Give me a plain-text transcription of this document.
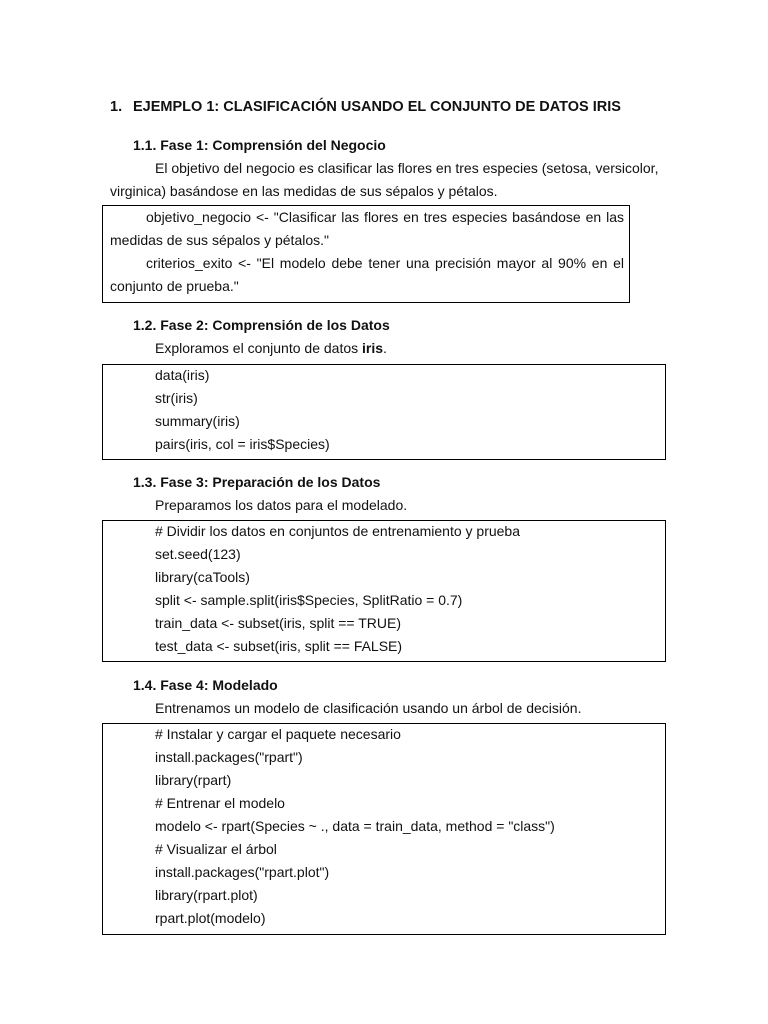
1. EJEMPLO 1: CLASIFICACIÓN USANDO EL CONJUNTO DE DATOS IRIS
1.1. Fase 1: Comprensión del Negocio
El objetivo del negocio es clasificar las flores en tres especies (setosa, versicolor,
virginica) basándose en las medidas de sus sépalos y pétalos.
objetivo_negocio <- "Clasificar las flores en tres especies basándose en las medidas de sus sépalos y pétalos."
criterios_exito <- "El modelo debe tener una precisión mayor al 90% en el conjunto de prueba."
1.2. Fase 2: Comprensión de los Datos
Exploramos el conjunto de datos iris.
data(iris)
str(iris)
summary(iris)
pairs(iris, col = iris$Species)
1.3. Fase 3: Preparación de los Datos
Preparamos los datos para el modelado.
# Dividir los datos en conjuntos de entrenamiento y prueba
set.seed(123)
library(caTools)
split <- sample.split(iris$Species, SplitRatio = 0.7)
train_data <- subset(iris, split == TRUE)
test_data <- subset(iris, split == FALSE)
1.4. Fase 4: Modelado
Entrenamos un modelo de clasificación usando un árbol de decisión.
# Instalar y cargar el paquete necesario
install.packages("rpart")
library(rpart)
# Entrenar el modelo
modelo <- rpart(Species ~ ., data = train_data, method = "class")
# Visualizar el árbol
install.packages("rpart.plot")
library(rpart.plot)
rpart.plot(modelo)
